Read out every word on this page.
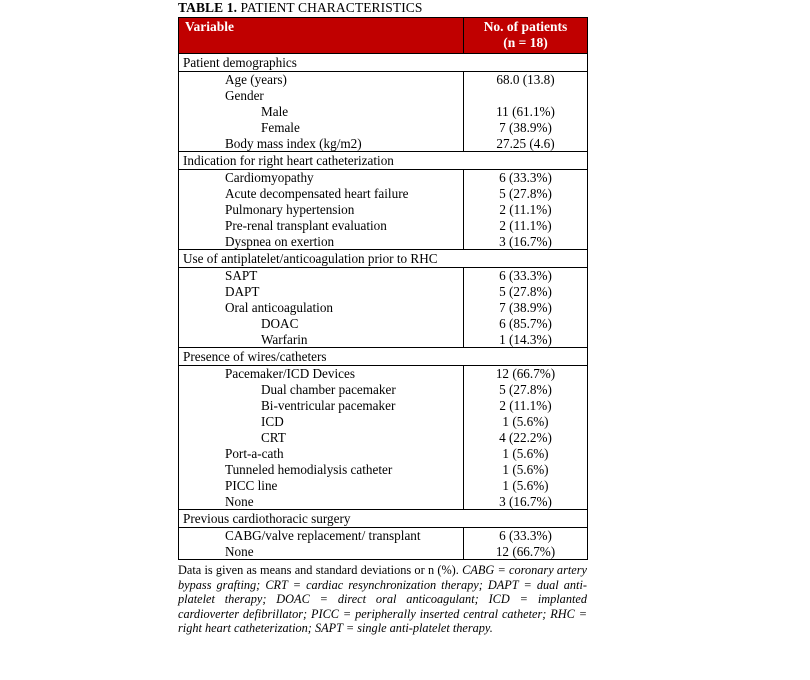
TABLE 1. PATIENT CHARACTERISTICS
Variable	No. of patients
(n = 18)

Patient demographics	
Age (years)	68.0 (13.8)
Gender	
Male	11 (61.1%)
Female	7 (38.9%)
Body mass index (kg/m2)	27.25 (4.6)
Indication for right heart catheterization	
Cardiomyopathy	6 (33.3%)
Acute decompensated heart failure	5 (27.8%)
Pulmonary hypertension	2 (11.1%)
Pre-renal transplant evaluation	2 (11.1%)
Dyspnea on exertion	3 (16.7%)
Use of antiplatelet/anticoagulation prior to RHC	
SAPT	6 (33.3%)
DAPT	5 (27.8%)
Oral anticoagulation	7 (38.9%)
DOAC	6 (85.7%)
Warfarin	1 (14.3%)
Presence of wires/catheters	
Pacemaker/ICD Devices	12 (66.7%)
Dual chamber pacemaker	5 (27.8%)
Bi-ventricular pacemaker	2 (11.1%)
ICD	1 (5.6%)
CRT	4 (22.2%)
Port-a-cath	1 (5.6%)
Tunneled hemodialysis catheter	1 (5.6%)
PICC line	1 (5.6%)
None	3 (16.7%)
Previous cardiothoracic surgery	
CABG/valve replacement/ transplant	6 (33.3%)
None	12 (66.7%)
Data is given as means and standard deviations or n (%). CABG = coronary artery bypass grafting; CRT = cardiac resynchronization therapy; DAPT = dual anti-platelet therapy; DOAC = direct oral anticoagulant; ICD = implanted cardioverter defibrillator; PICC = peripherally inserted central catheter; RHC = right heart catheterization; SAPT = single anti-platelet therapy.
